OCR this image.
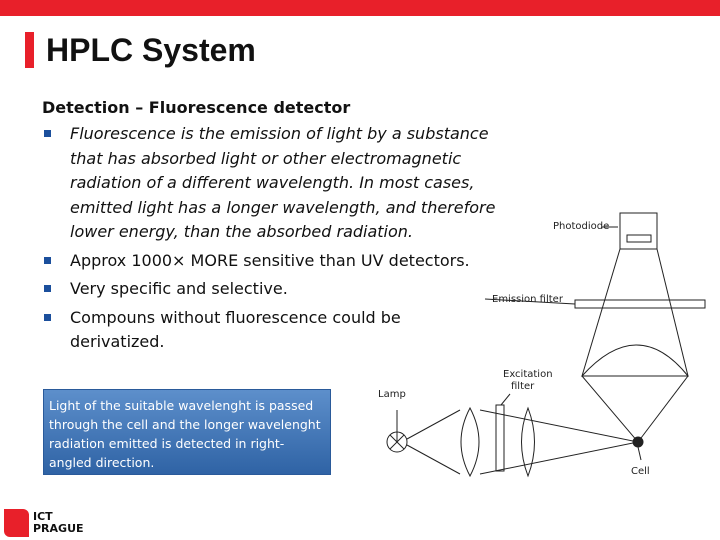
HPLC System
Detection – Fluorescence detector
Fluorescence is the emission of light by a substance that has absorbed light or other electromagnetic radiation of a different wavelength. In most cases, emitted light has a longer wavelength, and therefore lower energy, than the absorbed radiation.
Approx 1000× MORE sensitive than UV detectors.
Very specific and selective.
Compouns without fluorescence could be derivatized.
Light of the suitable wavelenght is passed through the cell and the longer wavelenght radiation emitted is detected in right-angled direction.
Photodiode
Emission filter
Excitation
filter
Lamp
Cell
ICT
PRAGUE
